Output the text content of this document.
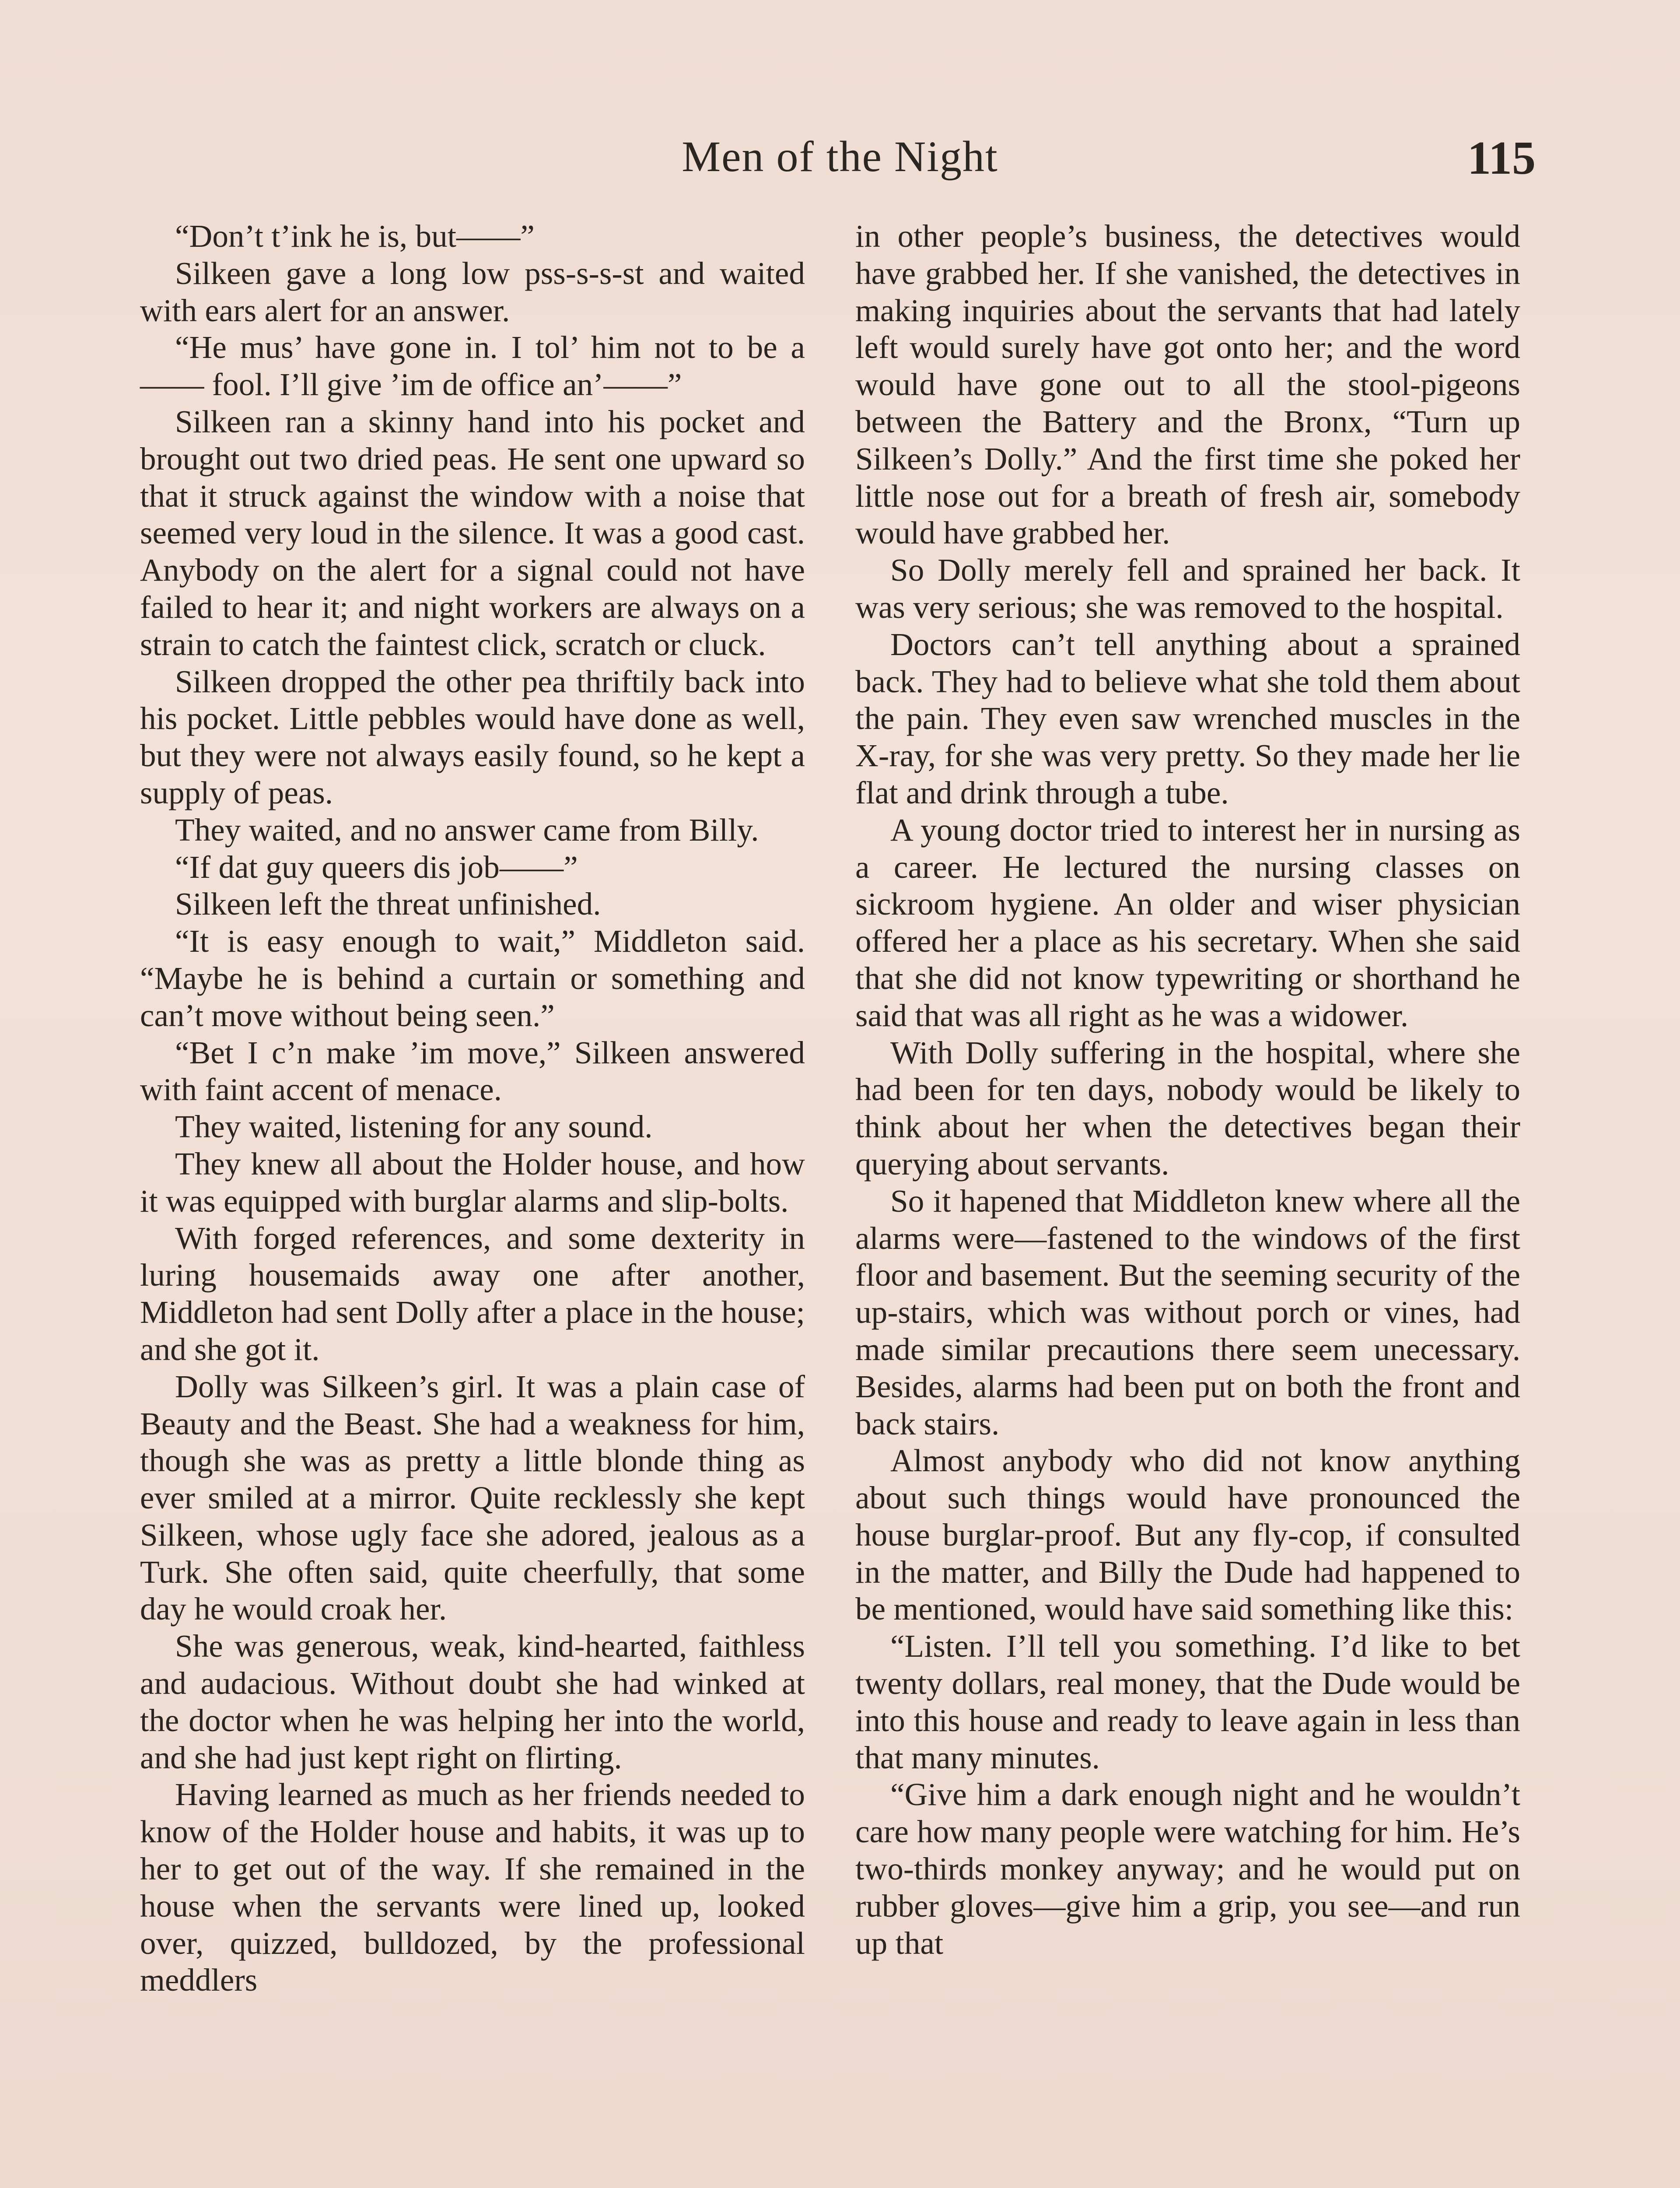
Men of the Night	115

“Don’t t’ink he is, but——”

Silkeen gave a long low pss-s-s-st and waited with ears alert for an answer.

“He mus’ have gone in. I tol’ him not to be a —— fool. I’ll give ’im de office an’——”

Silkeen ran a skinny hand into his pocket and brought out two dried peas. He sent one upward so that it struck against the window with a noise that seemed very loud in the silence. It was a good cast. Anybody on the alert for a signal could not have failed to hear it; and night workers are always on a strain to catch the faintest click, scratch or cluck.

Silkeen dropped the other pea thriftily back into his pocket. Little pebbles would have done as well, but they were not always easily found, so he kept a supply of peas.

They waited, and no answer came from Billy.

“If dat guy queers dis job——”

Silkeen left the threat unfinished.

“It is easy enough to wait,” Middleton said. “Maybe he is behind a curtain or something and can’t move without being seen.”

“Bet I c’n make ’im move,” Silkeen answered with faint accent of menace.

They waited, listening for any sound.

They knew all about the Holder house, and how it was equipped with burglar alarms and slip-bolts.

With forged references, and some dexterity in luring housemaids away one after another, Middleton had sent Dolly after a place in the house; and she got it.

Dolly was Silkeen’s girl. It was a plain case of Beauty and the Beast. She had a weakness for him, though she was as pretty a little blonde thing as ever smiled at a mirror. Quite recklessly she kept Silkeen, whose ugly face she adored, jealous as a Turk. She often said, quite cheerfully, that some day he would croak her.

She was generous, weak, kind-hearted, faithless and audacious. Without doubt she had winked at the doctor when he was helping her into the world, and she had just kept right on flirting.

Having learned as much as her friends needed to know of the Holder house and habits, it was up to her to get out of the way. If she remained in the house when the servants were lined up, looked over, quizzed, bulldozed, by the professional meddlers

in other people’s business, the detectives would have grabbed her. If she vanished, the detectives in making inquiries about the servants that had lately left would surely have got onto her; and the word would have gone out to all the stool-pigeons between the Battery and the Bronx, “Turn up Silkeen’s Dolly.” And the first time she poked her little nose out for a breath of fresh air, somebody would have grabbed her.

So Dolly merely fell and sprained her back. It was very serious; she was removed to the hospital.

Doctors can’t tell anything about a sprained back. They had to believe what she told them about the pain. They even saw wrenched muscles in the X-ray, for she was very pretty. So they made her lie flat and drink through a tube.

A young doctor tried to interest her in nursing as a career. He lectured the nursing classes on sickroom hygiene. An older and wiser physician offered her a place as his secretary. When she said that she did not know typewriting or shorthand he said that was all right as he was a widower.

With Dolly suffering in the hospital, where she had been for ten days, nobody would be likely to think about her when the detectives began their querying about servants.

So it hapened that Middleton knew where all the alarms were—fastened to the windows of the first floor and basement. But the seeming security of the up-stairs, which was without porch or vines, had made similar precautions there seem unecessary. Besides, alarms had been put on both the front and back stairs.

Almost anybody who did not know anything about such things would have pronounced the house burglar-proof. But any fly-cop, if consulted in the matter, and Billy the Dude had happened to be mentioned, would have said something like this:

“Listen. I’ll tell you something. I’d like to bet twenty dollars, real money, that the Dude would be into this house and ready to leave again in less than that many minutes.

“Give him a dark enough night and he wouldn’t care how many people were watching for him. He’s two-thirds monkey anyway; and he would put on rubber gloves—give him a grip, you see—and run up that
